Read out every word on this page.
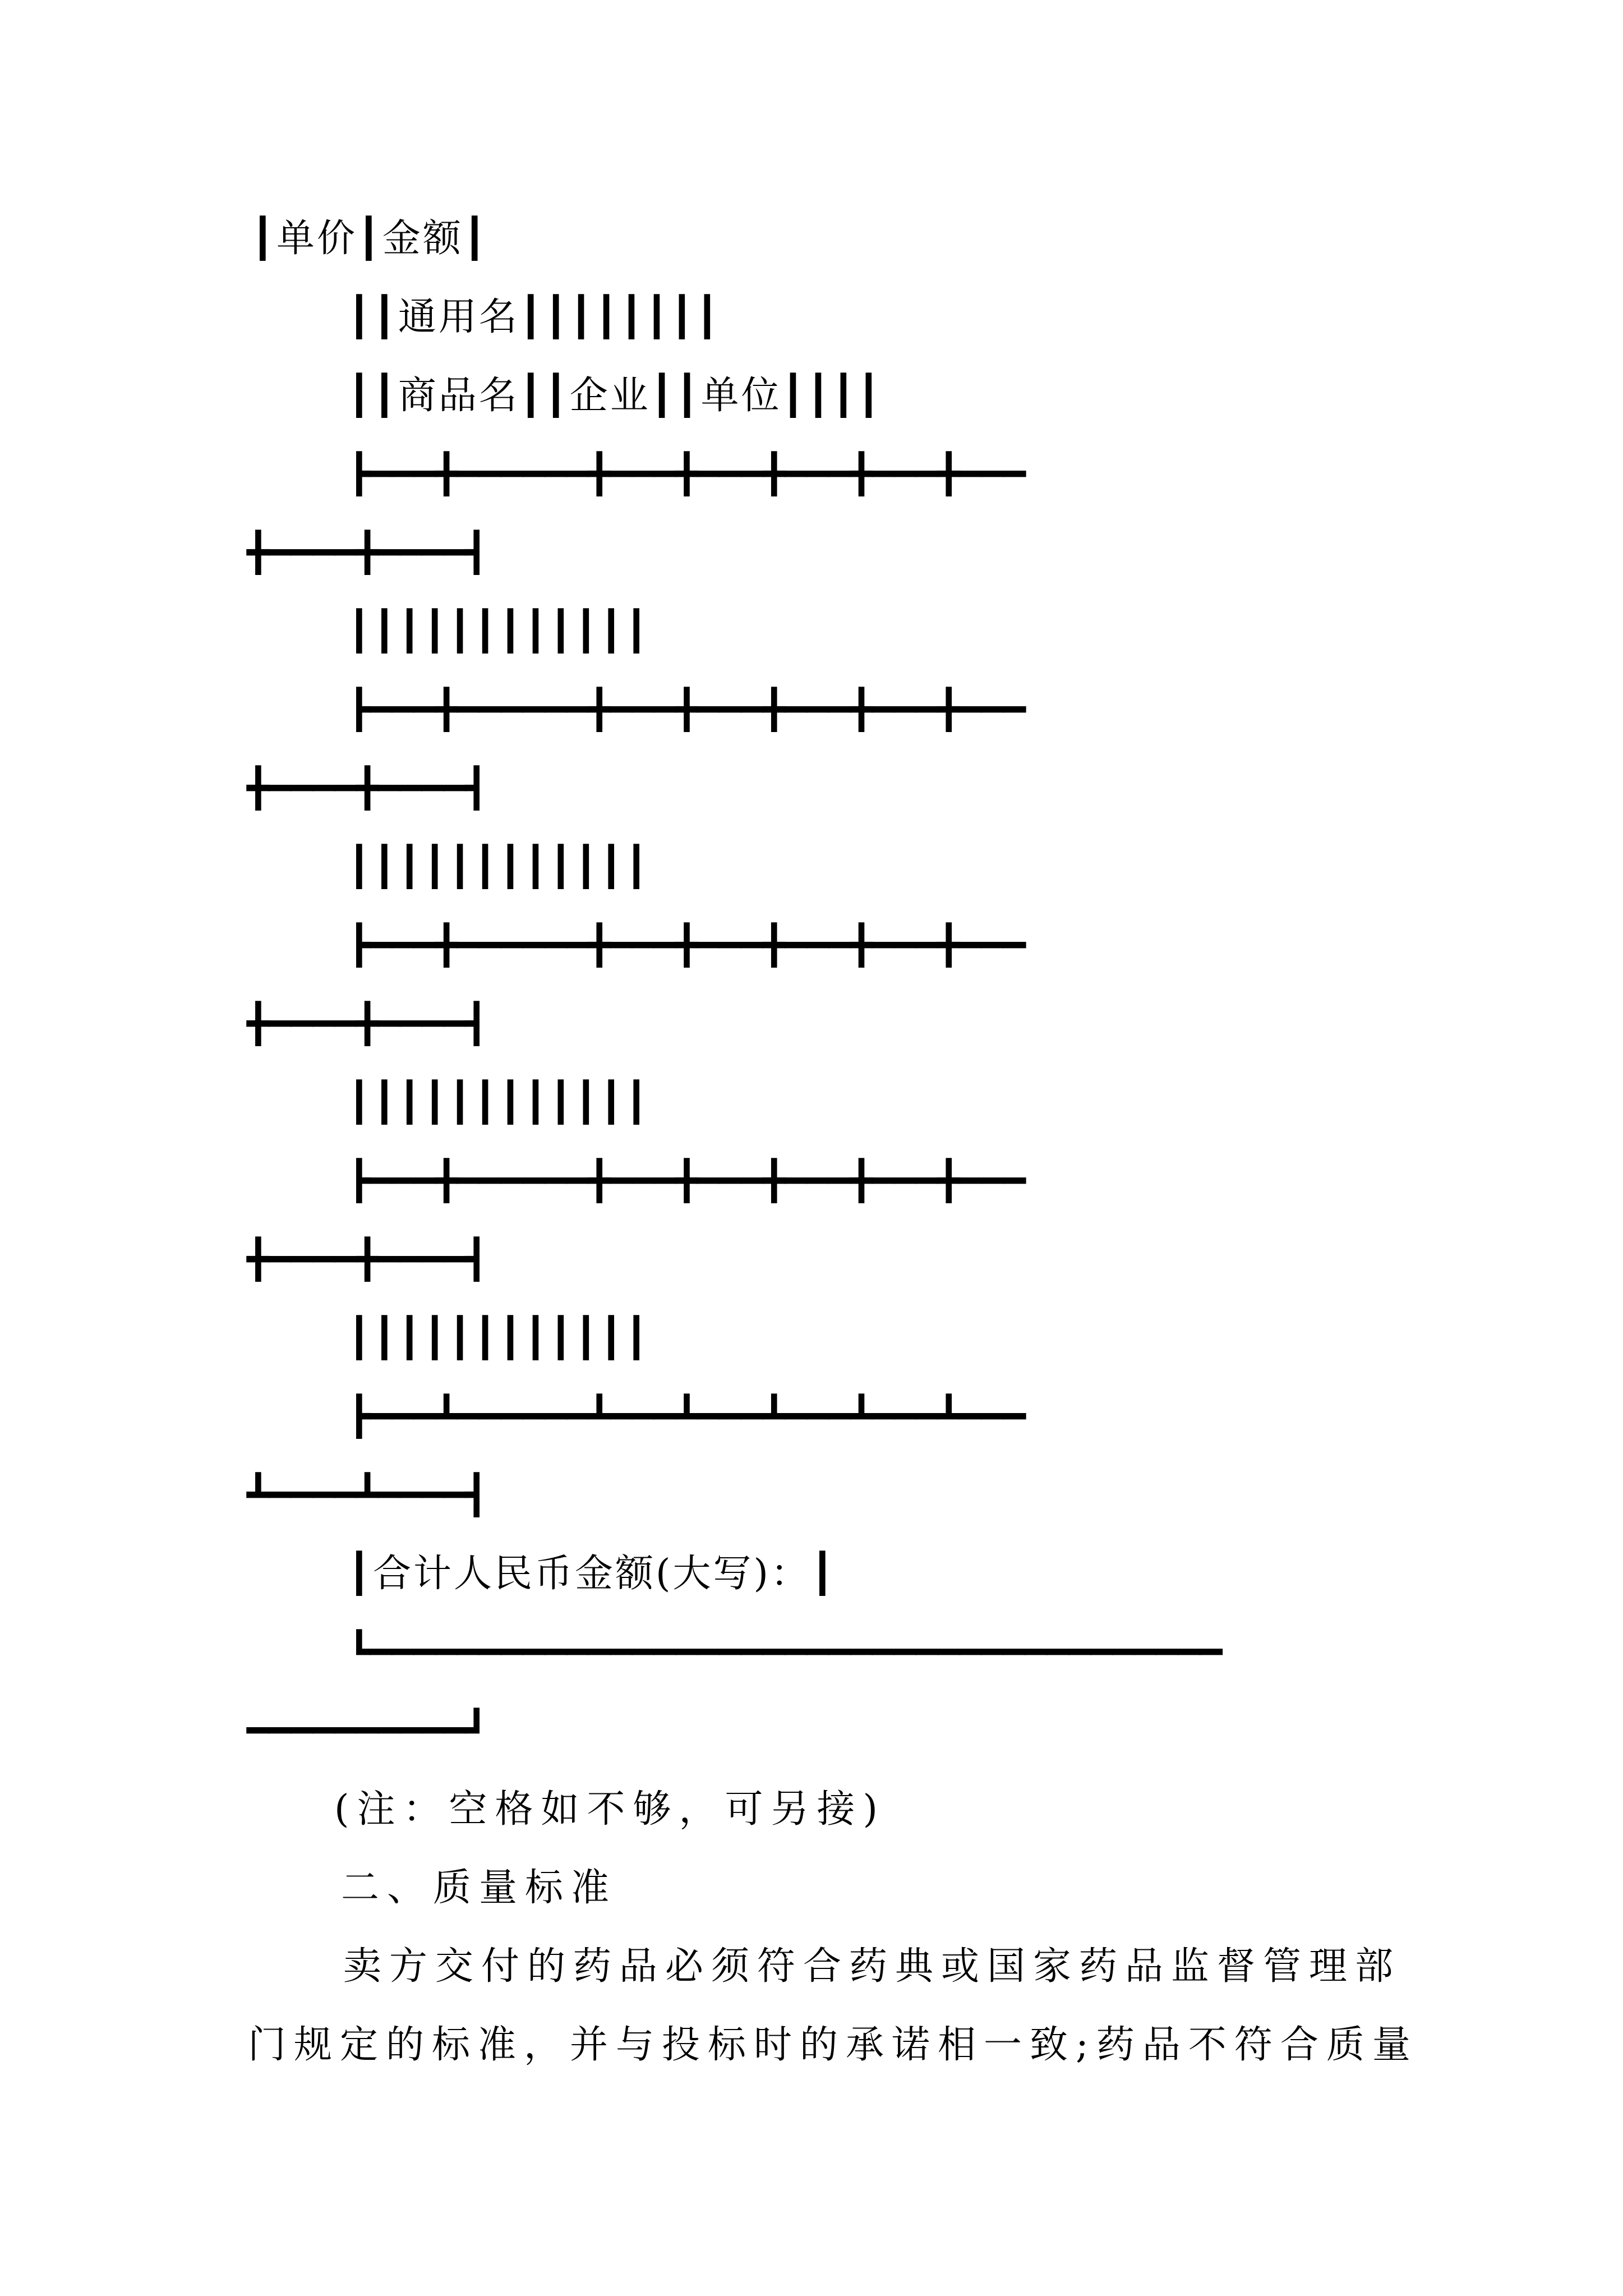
┃单价┃金额┃
┃┃通用名┃┃┃┃┃┃┃┃
┃┃商品名┃┃企业┃┃单位┃┃┃┃
┣━━━╋━━━━━━╋━━━╋━━━╋━━━╋━━━╋━━━
╋━━━━╋━━━━┫
┃┃┃┃┃┃┃┃┃┃┃┃
┣━━━╋━━━━━━╋━━━╋━━━╋━━━╋━━━╋━━━
╋━━━━╋━━━━┫
┃┃┃┃┃┃┃┃┃┃┃┃
┣━━━╋━━━━━━╋━━━╋━━━╋━━━╋━━━╋━━━
╋━━━━╋━━━━┫
┃┃┃┃┃┃┃┃┃┃┃┃
┣━━━╋━━━━━━╋━━━╋━━━╋━━━╋━━━╋━━━
╋━━━━╋━━━━┫
┃┃┃┃┃┃┃┃┃┃┃┃
┣━━━┻━━━━━━┻━━━┻━━━┻━━━┻━━━┻━━━
┻━━━━┻━━━━┫
┃合计人民币金额(大写)：┃
┗━━━━━━━━━━━━━━━━━━━━━━━━━━━━━━━━━━━━━━━
━━━━━━━━━━┛
(注：空格如不够，可另接)
二、质量标准
卖方交付的药品必须符合药典或国家药品监督管理部
门规定的标准，并与投标时的承诺相一致;药品不符合质量
